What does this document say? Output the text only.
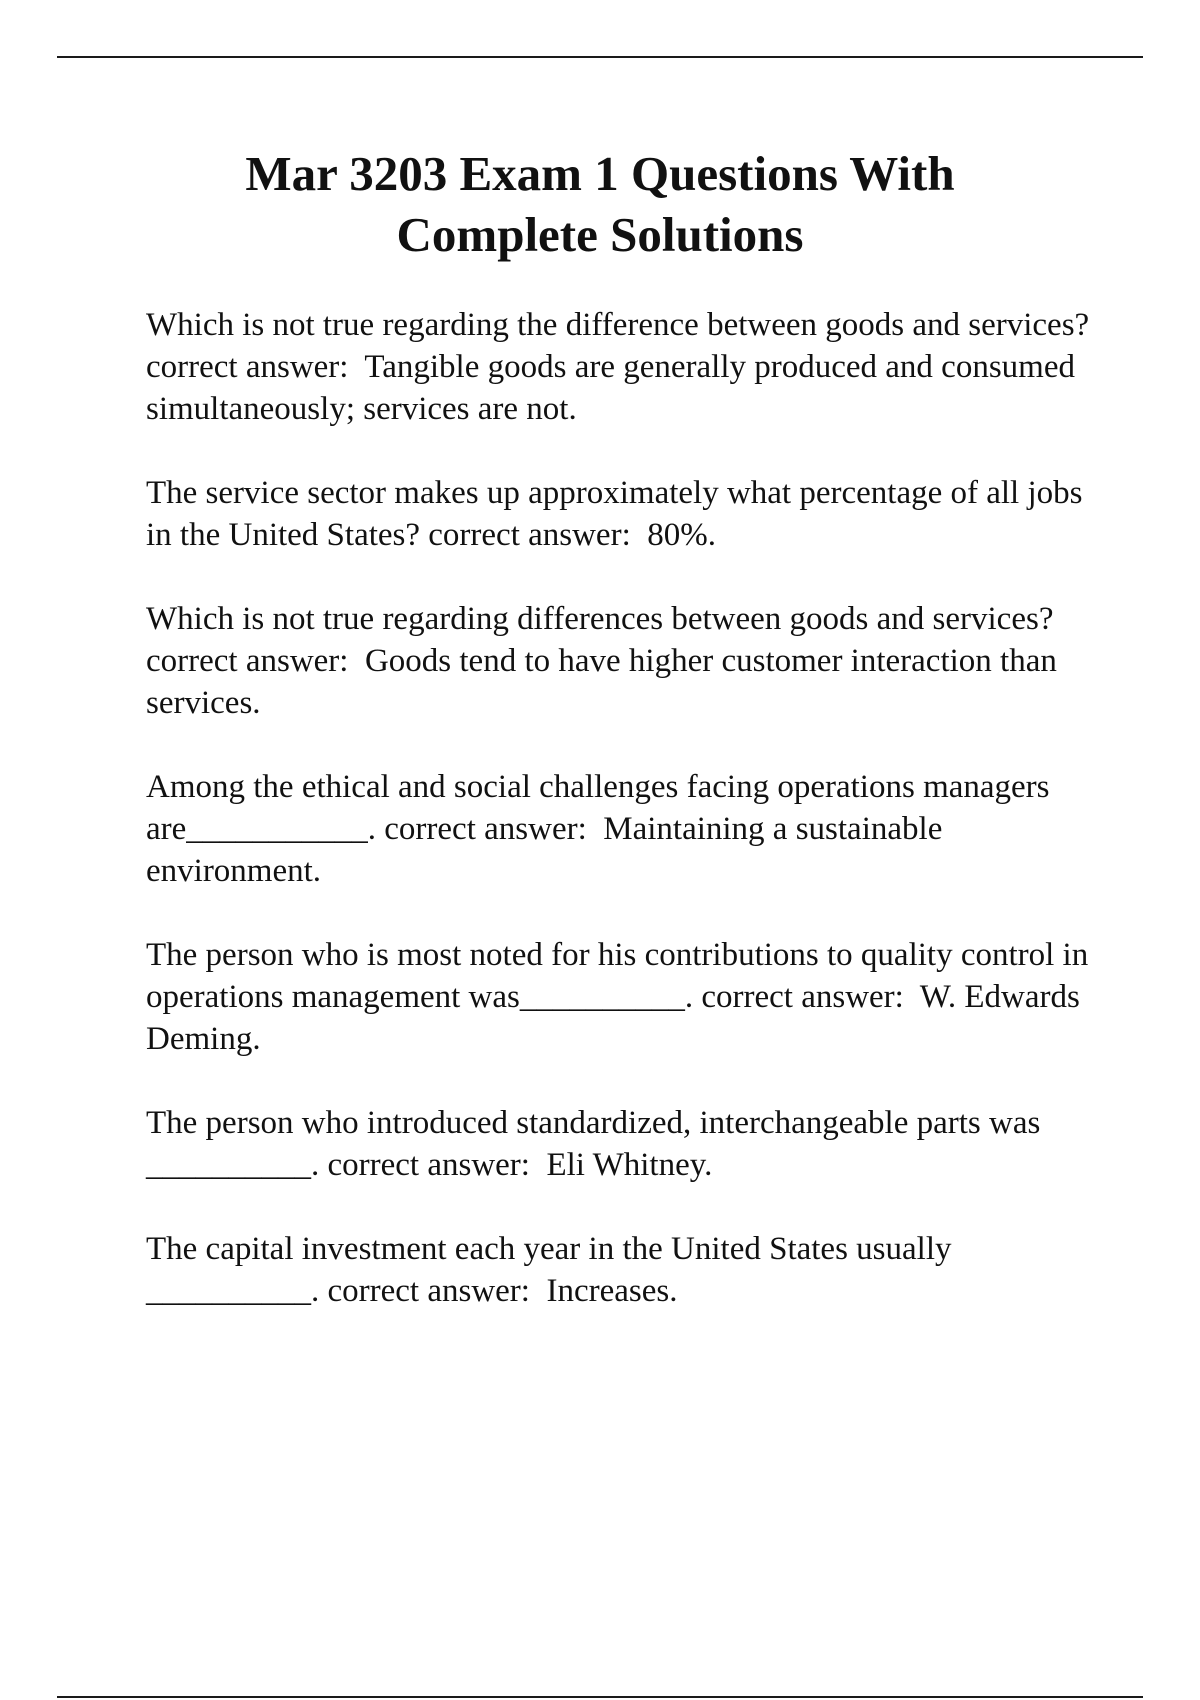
Mar 3203 Exam 1 Questions With
Complete Solutions

Which is not true regarding the difference between goods and services? correct answer:  Tangible goods are generally produced and consumed simultaneously; services are not.

The service sector makes up approximately what percentage of all jobs in the United States? correct answer:  80%.

Which is not true regarding differences between goods and services? correct answer:  Goods tend to have higher customer interaction than services.

Among the ethical and social challenges facing operations managers are___________. correct answer:  Maintaining a sustainable environment.

The person who is most noted for his contributions to quality control in operations management was__________. correct answer:  W. Edwards Deming.

The person who introduced standardized, interchangeable parts was __________. correct answer:  Eli Whitney.

The capital investment each year in the United States usually __________. correct answer:  Increases.
